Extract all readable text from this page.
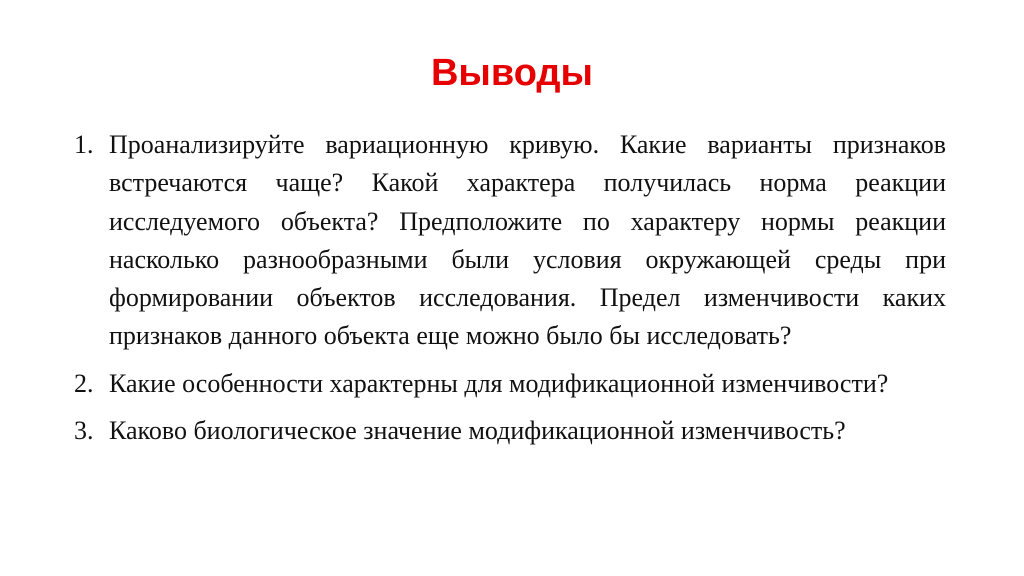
Выводы
1. Проанализируйте вариационную кривую. Какие варианты признаков встречаются чаще? Какой характера получилась норма реакции исследуемого объекта? Предположите по характеру нормы реакции насколько разнообразными были условия окружающей среды при формировании объектов исследования. Предел изменчивости каких признаков данного объекта еще можно было бы исследовать?
2. Какие особенности характерны для модификационной изменчивости?
3. Каково биологическое значение модификационной изменчивость?
